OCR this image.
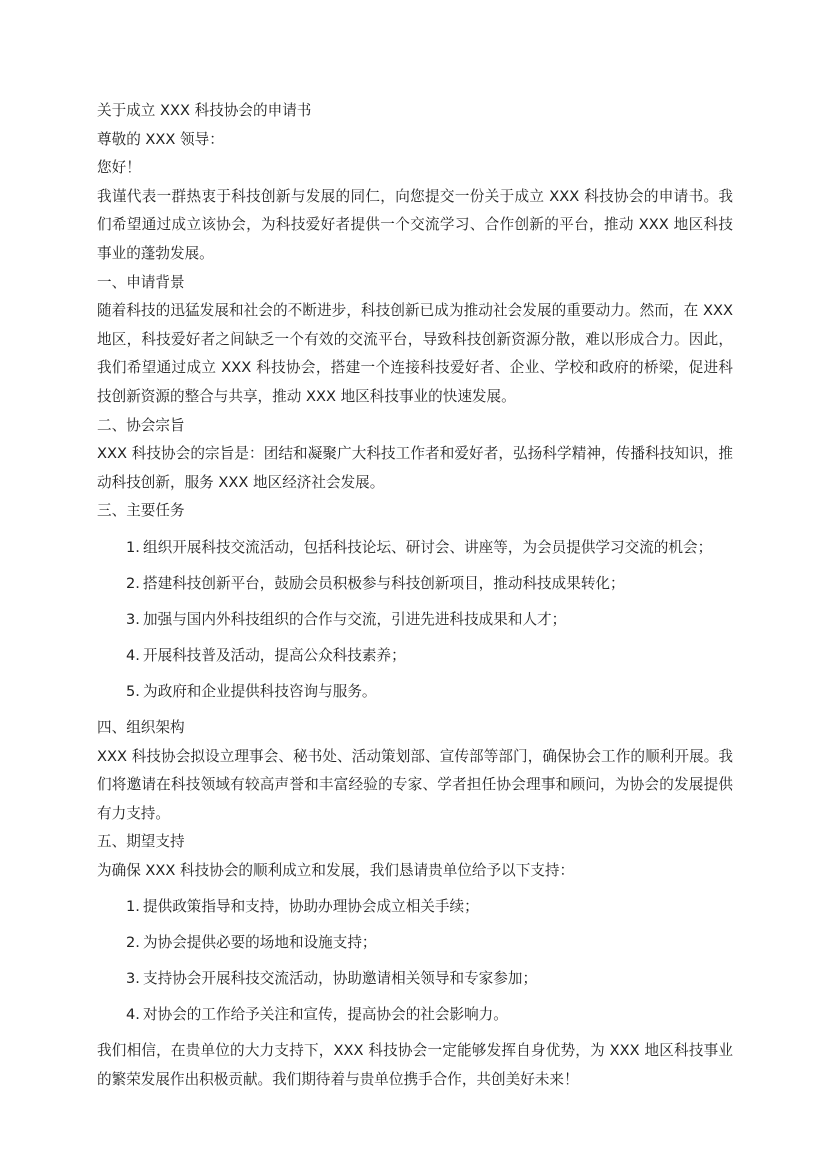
关于成立 XXX 科技协会的申请书

尊敬的 XXX 领导：

您好！

我谨代表一群热衷于科技创新与发展的同仁，向您提交一份关于成立 XXX 科技协会的申请书。我们希望通过成立该协会，为科技爱好者提供一个交流学习、合作创新的平台，推动 XXX 地区科技事业的蓬勃发展。

一、申请背景

随着科技的迅猛发展和社会的不断进步，科技创新已成为推动社会发展的重要动力。然而，在 XXX 地区，科技爱好者之间缺乏一个有效的交流平台，导致科技创新资源分散，难以形成合力。因此，我们希望通过成立 XXX 科技协会，搭建一个连接科技爱好者、企业、学校和政府的桥梁，促进科技创新资源的整合与共享，推动 XXX 地区科技事业的快速发展。

二、协会宗旨

XXX 科技协会的宗旨是：团结和凝聚广大科技工作者和爱好者，弘扬科学精神，传播科技知识，推动科技创新，服务 XXX 地区经济社会发展。

三、主要任务

1. 组织开展科技交流活动，包括科技论坛、研讨会、讲座等，为会员提供学习交流的机会；
2. 搭建科技创新平台，鼓励会员积极参与科技创新项目，推动科技成果转化；
3. 加强与国内外科技组织的合作与交流，引进先进科技成果和人才；
4. 开展科技普及活动，提高公众科技素养；
5. 为政府和企业提供科技咨询与服务。

四、组织架构

XXX 科技协会拟设立理事会、秘书处、活动策划部、宣传部等部门，确保协会工作的顺利开展。我们将邀请在科技领域有较高声誉和丰富经验的专家、学者担任协会理事和顾问，为协会的发展提供有力支持。

五、期望支持

为确保 XXX 科技协会的顺利成立和发展，我们恳请贵单位给予以下支持：

1. 提供政策指导和支持，协助办理协会成立相关手续；
2. 为协会提供必要的场地和设施支持；
3. 支持协会开展科技交流活动，协助邀请相关领导和专家参加；
4. 对协会的工作给予关注和宣传，提高协会的社会影响力。

我们相信，在贵单位的大力支持下，XXX 科技协会一定能够发挥自身优势，为 XXX 地区科技事业的繁荣发展作出积极贡献。我们期待着与贵单位携手合作，共创美好未来！
